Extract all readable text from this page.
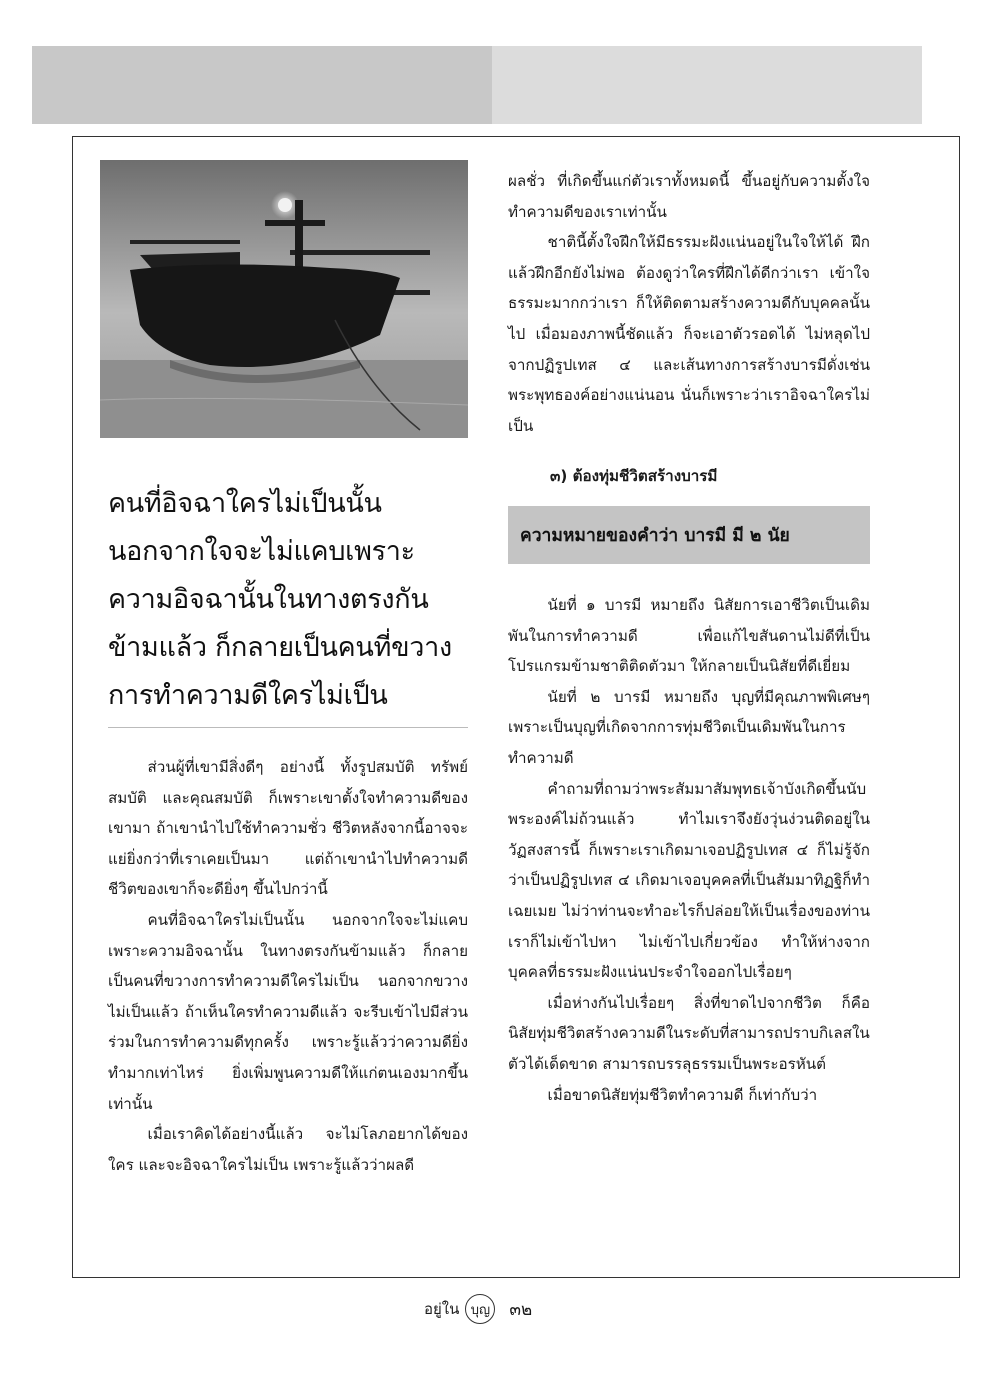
คนที่อิจฉาใครไม่เป็นนั้น นอกจากใจจะไม่แคบเพราะความอิจฉานั้นในทางตรงกันข้ามแล้ว ก็กลายเป็นคนที่ขวางการทำความดีใครไม่เป็น

ส่วนผู้ที่เขามีสิ่งดีๆ อย่างนี้ ทั้งรูปสมบัติ ทรัพย์สมบัติ และคุณสมบัติ ก็เพราะเขาตั้งใจทำความดีของเขามา ถ้าเขานำไปใช้ทำความชั่ว ชีวิตหลังจากนี้อาจจะแย่ยิ่งกว่าที่เราเคยเป็นมา แต่ถ้าเขานำไปทำความดี ชีวิตของเขาก็จะดียิ่งๆ ขึ้นไปกว่านี้

คนที่อิจฉาใครไม่เป็นนั้น นอกจากใจจะไม่แคบเพราะความอิจฉานั้น ในทางตรงกันข้ามแล้ว ก็กลายเป็นคนที่ขวางการทำความดีใครไม่เป็น นอกจากขวางไม่เป็นแล้ว ถ้าเห็นใครทำความดีแล้ว จะรีบเข้าไปมีส่วนร่วมในการทำความดีทุกครั้ง เพราะรู้แล้วว่าความดียิ่งทำมากเท่าไหร่ ยิ่งเพิ่มพูนความดีให้แก่ตนเองมากขึ้นเท่านั้น

เมื่อเราคิดได้อย่างนี้แล้ว จะไม่โลภอยากได้ของใคร และจะอิจฉาใครไม่เป็น เพราะรู้แล้วว่าผลดี

ผลชั่ว ที่เกิดขึ้นแก่ตัวเราทั้งหมดนี้ ขึ้นอยู่กับความตั้งใจทำความดีของเราเท่านั้น

ชาตินี้ตั้งใจฝึกให้มีธรรมะฝังแน่นอยู่ในใจให้ได้ ฝึกแล้วฝึกอีกยังไม่พอ ต้องดูว่าใครที่ฝึกได้ดีกว่าเรา เข้าใจธรรมะมากกว่าเรา ก็ให้ติดตามสร้างความดีกับบุคคลนั้นไป เมื่อมองภาพนี้ชัดแล้ว ก็จะเอาตัวรอดได้ ไม่หลุดไปจากปฏิรูปเทส ๔ และเส้นทางการสร้างบารมีดั่งเช่นพระพุทธองค์อย่างแน่นอน นั่นก็เพราะว่าเราอิจฉาใครไม่เป็น

๓) ต้องทุ่มชีวิตสร้างบารมี
ความหมายของคำว่า บารมี มี ๒ นัย

นัยที่ ๑ บารมี หมายถึง นิสัยการเอาชีวิตเป็นเดิมพันในการทำความดี เพื่อแก้ไขสันดานไม่ดีที่เป็นโปรแกรมข้ามชาติติดตัวมา ให้กลายเป็นนิสัยที่ดีเยี่ยม

นัยที่ ๒ บารมี หมายถึง บุญที่มีคุณภาพพิเศษๆ เพราะเป็นบุญที่เกิดจากการทุ่มชีวิตเป็นเดิมพันในการทำความดี

คำถามที่ถามว่าพระสัมมาสัมพุทธเจ้าบังเกิดขึ้นนับพระองค์ไม่ถ้วนแล้ว ทำไมเราจึงยังวุ่นง่วนติดอยู่ในวัฏสงสารนี้ ก็เพราะเราเกิดมาเจอปฏิรูปเทส ๔ ก็ไม่รู้จักว่าเป็นปฏิรูปเทส ๔ เกิดมาเจอบุคคลที่เป็นสัมมาทิฏฐิก็ทำเฉยเมย ไม่ว่าท่านจะทำอะไรก็ปล่อยให้เป็นเรื่องของท่าน เราก็ไม่เข้าไปหา ไม่เข้าไปเกี่ยวข้อง ทำให้ห่างจากบุคคลที่ธรรมะฝังแน่นประจำใจออกไปเรื่อยๆ

เมื่อห่างกันไปเรื่อยๆ สิ่งที่ขาดไปจากชีวิต ก็คือ นิสัยทุ่มชีวิตสร้างความดีในระดับที่สามารถปราบกิเลสในตัวได้เด็ดขาด สามารถบรรลุธรรมเป็นพระอรหันต์

เมื่อขาดนิสัยทุ่มชีวิตทำความดี ก็เท่ากับว่า

อยู่ใน บุญ	๓๒
